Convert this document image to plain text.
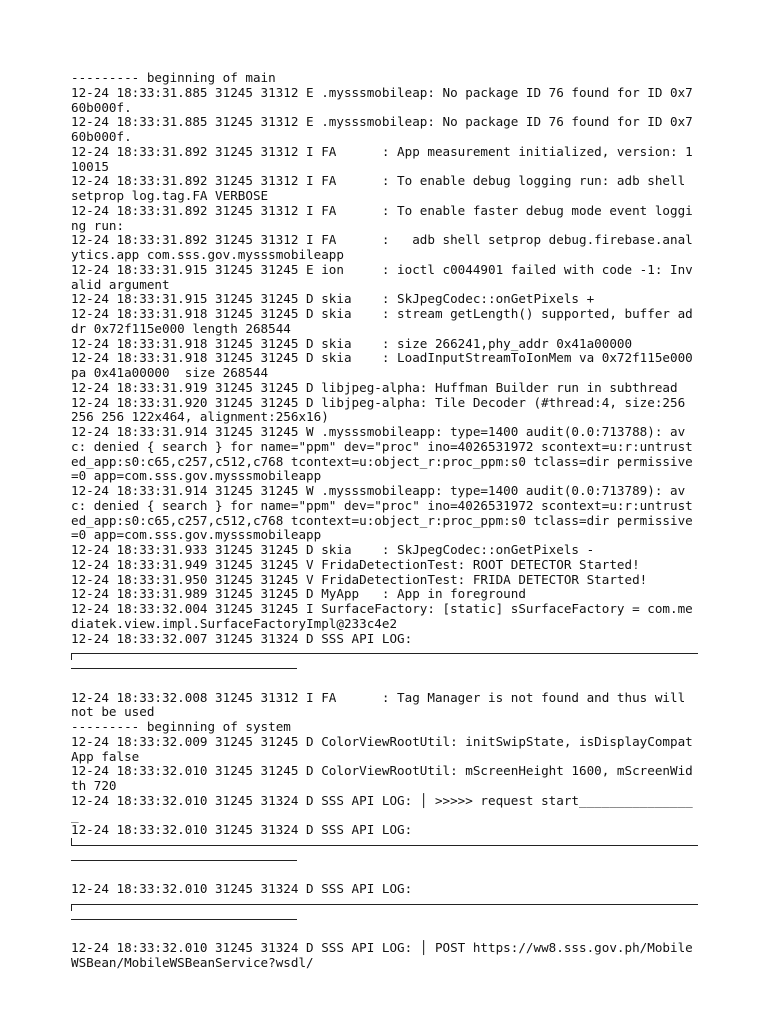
--------- beginning of main

12-24 18:33:31.885 31245 31312 E .mysssmobileap: No package ID 76 found for ID 0x760b000f.

12-24 18:33:31.885 31245 31312 E .mysssmobileap: No package ID 76 found for ID 0x760b000f.

12-24 18:33:31.892 31245 31312 I FA      : App measurement initialized, version: 110015

12-24 18:33:31.892 31245 31312 I FA      : To enable debug logging run: adb shell setprop log.tag.FA VERBOSE

12-24 18:33:31.892 31245 31312 I FA      : To enable faster debug mode event logging run:

12-24 18:33:31.892 31245 31312 I FA      :   adb shell setprop debug.firebase.analytics.app com.sss.gov.mysssmobileapp

12-24 18:33:31.915 31245 31245 E ion     : ioctl c0044901 failed with code -1: Invalid argument

12-24 18:33:31.915 31245 31245 D skia    : SkJpegCodec::onGetPixels +

12-24 18:33:31.918 31245 31245 D skia    : stream getLength() supported, buffer addr 0x72f115e000 length 268544

12-24 18:33:31.918 31245 31245 D skia    : size 266241,phy_addr 0x41a00000

12-24 18:33:31.918 31245 31245 D skia    : LoadInputStreamToIonMem va 0x72f115e000 pa 0x41a00000  size 268544

12-24 18:33:31.919 31245 31245 D libjpeg-alpha: Huffman Builder run in subthread

12-24 18:33:31.920 31245 31245 D libjpeg-alpha: Tile Decoder (#thread:4, size:256 256 256 122x464, alignment:256x16)

12-24 18:33:31.914 31245 31245 W .mysssmobileapp: type=1400 audit(0.0:713788): avc: denied { search } for name="ppm" dev="proc" ino=4026531972 scontext=u:r:untrusted_app:s0:c65,c257,c512,c768 tcontext=u:object_r:proc_ppm:s0 tclass=dir permissive=0 app=com.sss.gov.mysssmobileapp

12-24 18:33:31.914 31245 31245 W .mysssmobileapp: type=1400 audit(0.0:713789): avc: denied { search } for name="ppm" dev="proc" ino=4026531972 scontext=u:r:untrusted_app:s0:c65,c257,c512,c768 tcontext=u:object_r:proc_ppm:s0 tclass=dir permissive=0 app=com.sss.gov.mysssmobileapp

12-24 18:33:31.933 31245 31245 D skia    : SkJpegCodec::onGetPixels -

12-24 18:33:31.949 31245 31245 V FridaDetectionTest: ROOT DETECTOR Started!

12-24 18:33:31.950 31245 31245 V FridaDetectionTest: FRIDA DETECTOR Started!

12-24 18:33:31.989 31245 31245 D MyApp   : App in foreground

12-24 18:33:32.004 31245 31245 I SurfaceFactory: [static] sSurfaceFactory = com.mediatek.view.impl.SurfaceFactoryImpl@233c4e2

12-24 18:33:32.007 31245 31324 D SSS API LOG:

12-24 18:33:32.008 31245 31312 I FA      : Tag Manager is not found and thus will not be used

--------- beginning of system

12-24 18:33:32.009 31245 31245 D ColorViewRootUtil: initSwipState, isDisplayCompatApp false

12-24 18:33:32.010 31245 31245 D ColorViewRootUtil: mScreenHeight 1600, mScreenWidth 720

12-24 18:33:32.010 31245 31324 D SSS API LOG: │ >>>>> request start________________

12-24 18:33:32.010 31245 31324 D SSS API LOG:

12-24 18:33:32.010 31245 31324 D SSS API LOG:

12-24 18:33:32.010 31245 31324 D SSS API LOG: │ POST https://ww8.sss.gov.ph/MobileWSBean/MobileWSBeanService?wsdl/
